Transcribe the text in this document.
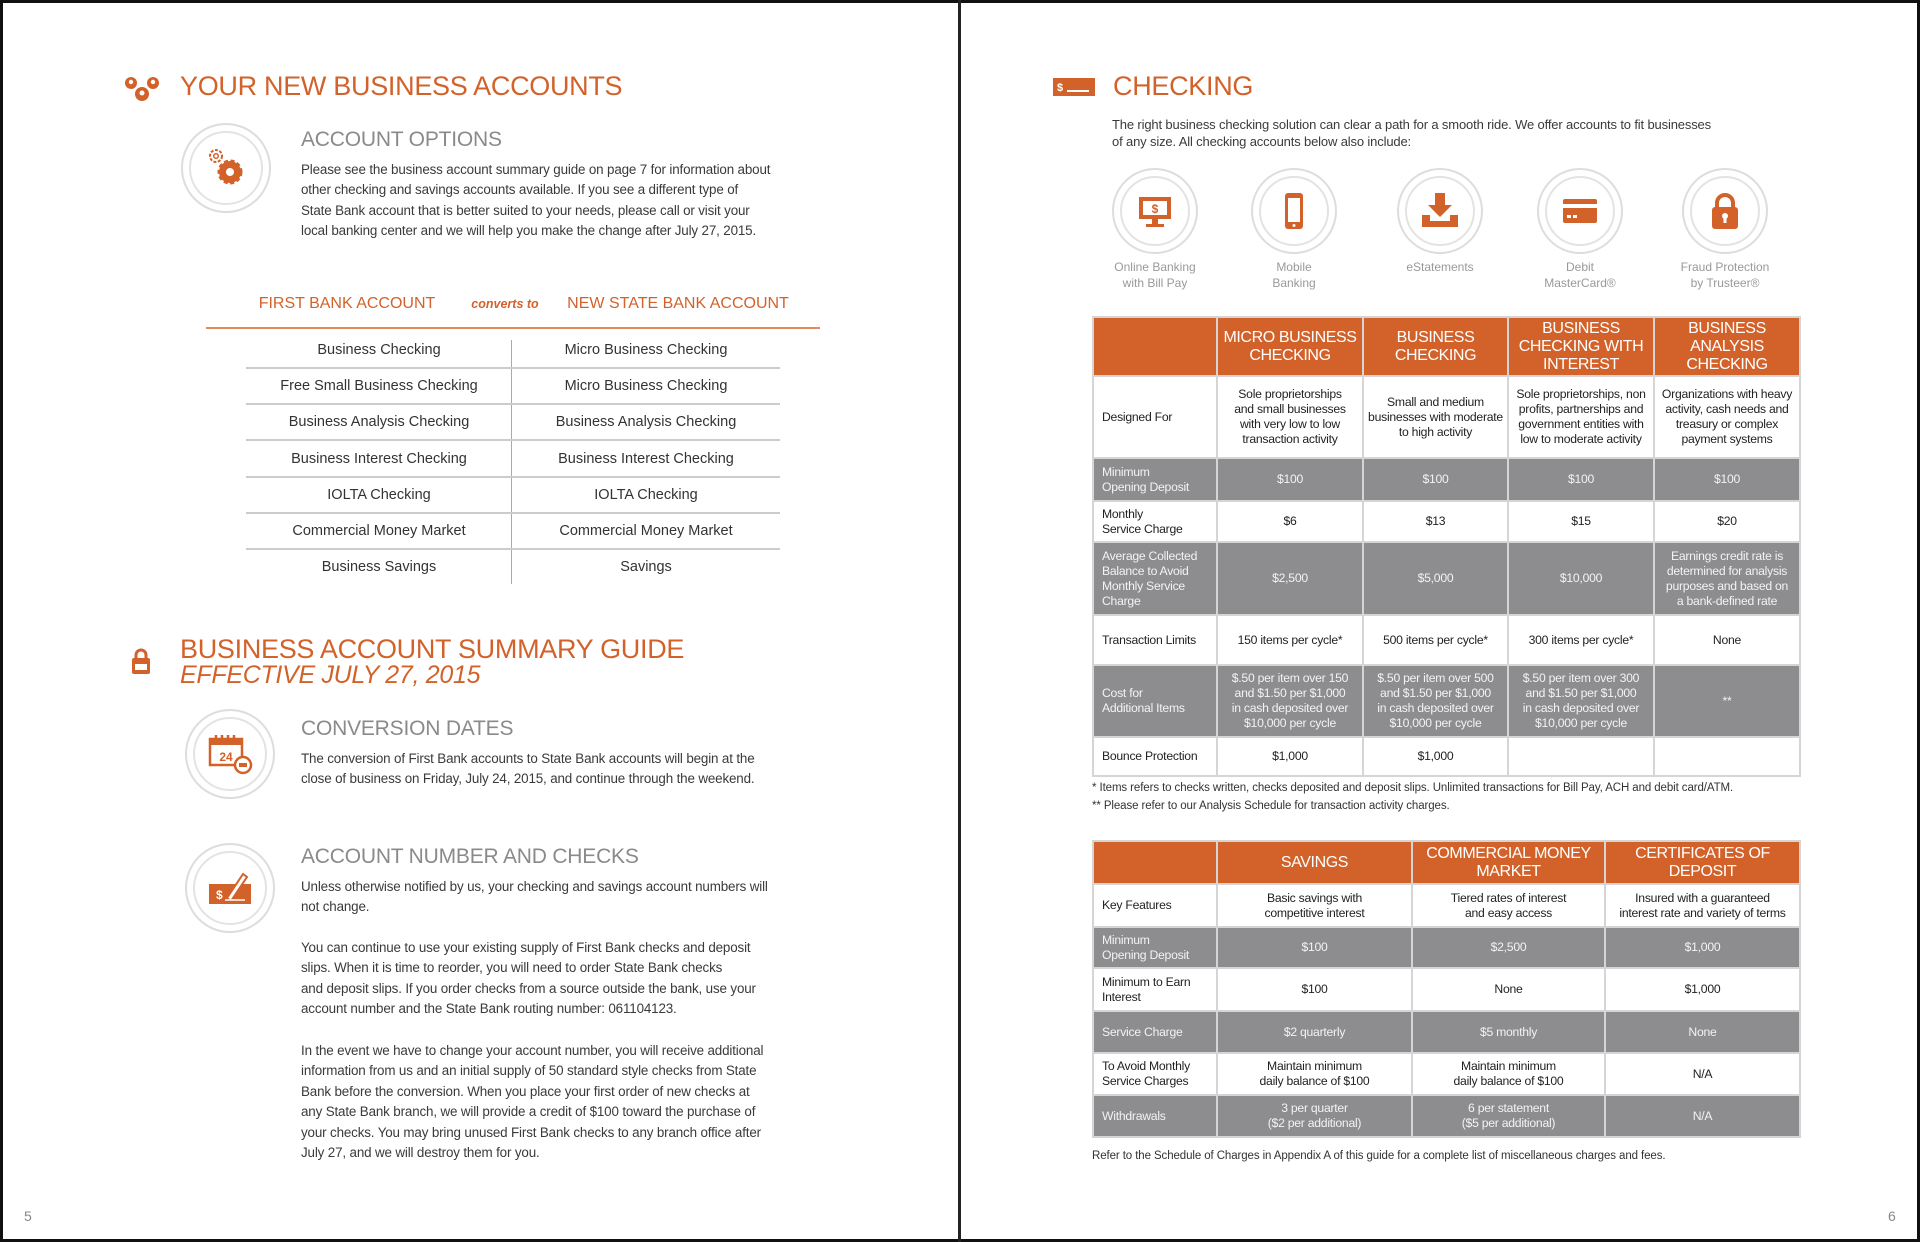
YOUR NEW BUSINESS ACCOUNTS
ACCOUNT OPTIONS
Please see the business account summary guide on page 7 for information about
other checking and savings accounts available. If you see a different type of
State Bank account that is better suited to your needs, please call or visit your
local banking center and we will help you make the change after July 27, 2015.
FIRST BANK ACCOUNT	converts to NEW STATE BANK ACCOUNT
Business Checking	Micro Business Checking
Free Small Business Checking	Micro Business Checking
Business Analysis Checking	Business Analysis Checking
Business Interest Checking	Business Interest Checking
IOLTA Checking	IOLTA Checking
Commercial Money Market	Commercial Money Market
Business Savings	Savings
BUSINESS ACCOUNT SUMMARY GUIDE
EFFECTIVE JULY 27, 2015
24
CONVERSION DATES
The conversion of First Bank accounts to State Bank accounts will begin at the
close of business on Friday, July 24, 2015, and continue through the weekend.
$
ACCOUNT NUMBER AND CHECKS
Unless otherwise notified by us, your checking and savings account numbers will
not change.
You can continue to use your existing supply of First Bank checks and deposit
slips. When it is time to reorder, you will need to order State Bank checks
and deposit slips. If you order checks from a source outside the bank, use your
account number and the State Bank routing number: 061104123.
In the event we have to change your account number, you will receive additional
information from us and an initial supply of 50 standard style checks from State
Bank before the conversion. When you place your first order of new checks at
any State Bank branch, we will provide a credit of $100 toward the purchase of
your checks. You may bring unused First Bank checks to any branch office after
July 27, and we will destroy them for you.
5
$ CHECKING
The right business checking solution can clear a path for a smooth ride. We offer accounts to fit businesses
of any size. All checking accounts below also include:
$
Online Banking
with Bill Pay
Mobile
Banking
eStatements	Debit
MasterCard®
Fraud Protection
by Trusteer®
	MICRO BUSINESS
CHECKING	BUSINESS
CHECKING	BUSINESS
CHECKING WITH
INTEREST	BUSINESS
ANALYSIS
CHECKING
Designed For	Sole proprietorships
and small businesses
with very low to low
transaction activity	Small and medium
businesses with moderate
to high activity	Sole proprietorships, non
profits, partnerships and
government entities with
low to moderate activity	Organizations with heavy
activity, cash needs and
treasury or complex
payment systems
Minimum
Opening Deposit	$100	$100	$100	$100
Monthly
Service Charge	$6	$13	$15	$20
Average Collected
Balance to Avoid
Monthly Service
Charge	$2,500	$5,000	$10,000	Earnings credit rate is
determined for analysis
purposes and based on
a bank-defined rate
Transaction Limits	150 items per cycle*	500 items per cycle*	300 items per cycle*	None
Cost for
Additional Items	$.50 per item over 150
and $1.50 per $1,000
in cash deposited over
$10,000 per cycle	$.50 per item over 500
and $1.50 per $1,000
in cash deposited over
$10,000 per cycle	$.50 per item over 300
and $1.50 per $1,000
in cash deposited over
$10,000 per cycle	**
Bounce Protection	$1,000	$1,000		
* Items refers to checks written, checks deposited and deposit slips. Unlimited transactions for Bill Pay, ACH and debit card/ATM.
** Please refer to our Analysis Schedule for transaction activity charges.
	SAVINGS	COMMERCIAL MONEY
MARKET	CERTIFICATES OF
DEPOSIT
Key Features	Basic savings with
competitive interest	Tiered rates of interest
and easy access	Insured with a guaranteed
interest rate and variety of terms
Minimum
Opening Deposit	$100	$2,500	$1,000
Minimum to Earn
Interest	$100	None	$1,000
Service Charge	$2 quarterly	$5 monthly	None
To Avoid Monthly
Service Charges	Maintain minimum
daily balance of $100	Maintain minimum
daily balance of $100	N/A
Withdrawals	3 per quarter
($2 per additional)	6 per statement
($5 per additional)	N/A
Refer to the Schedule of Charges in Appendix A of this guide for a complete list of miscellaneous charges and fees.
6
